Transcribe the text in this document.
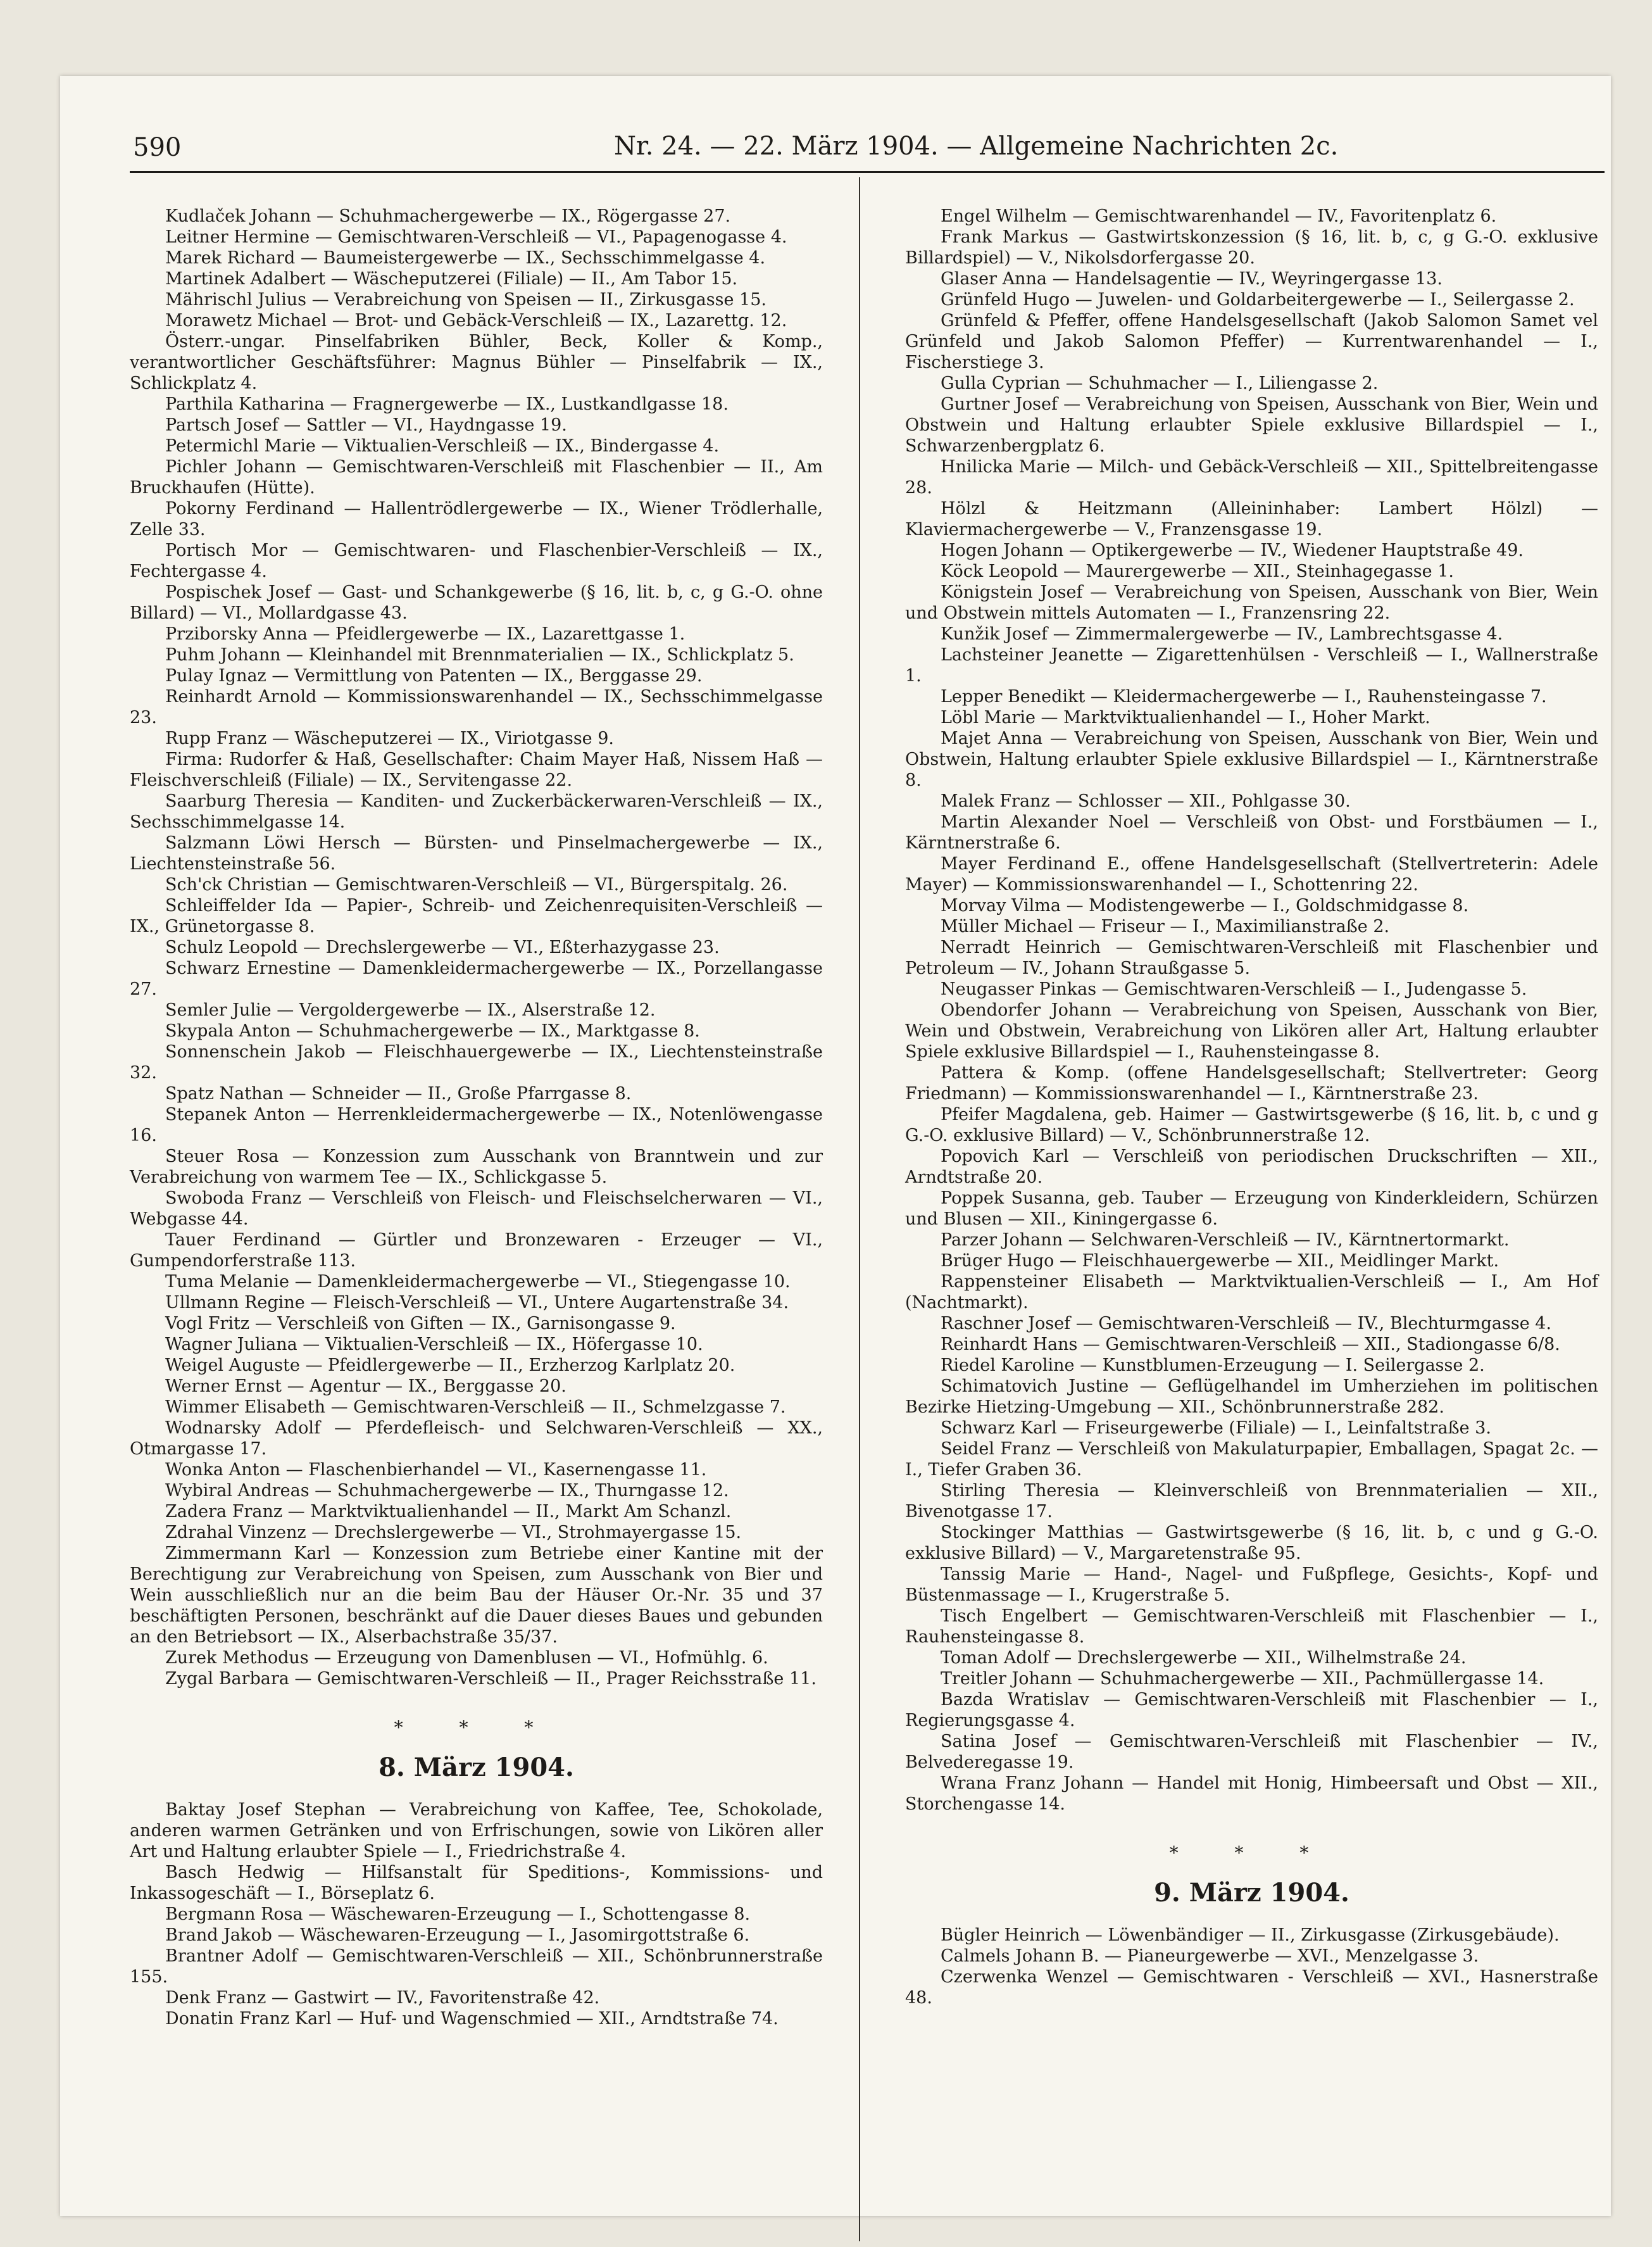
590	Nr. 24. — 22. März 1904. — Allgemeine Nachrichten 2c.

Kudlaček Johann — Schuhmachergewerbe — IX., Rögergasse 27.

Leitner Hermine — Gemischtwaren-Verschleiß — VI., Papagenogasse 4.

Marek Richard — Baumeistergewerbe — IX., Sechsschimmelgasse 4.

Martinek Adalbert — Wäscheputzerei (Filiale) — II., Am Tabor 15.

Mährischl Julius — Verabreichung von Speisen — II., Zirkusgasse 15.

Morawetz Michael — Brot- und Gebäck-Verschleiß — IX., Lazarettg. 12.

Österr.-ungar. Pinselfabriken Bühler, Beck, Koller & Komp., verantwortlicher Geschäftsführer: Magnus Bühler — Pinselfabrik — IX., Schlickplatz 4.

Parthila Katharina — Fragnergewerbe — IX., Lustkandlgasse 18.

Partsch Josef — Sattler — VI., Haydngasse 19.

Petermichl Marie — Viktualien-Verschleiß — IX., Bindergasse 4.

Pichler Johann — Gemischtwaren-Verschleiß mit Flaschenbier — II., Am Bruckhaufen (Hütte).

Pokorny Ferdinand — Hallentrödlergewerbe — IX., Wiener Trödlerhalle, Zelle 33.

Portisch Mor — Gemischtwaren- und Flaschenbier-Verschleiß — IX., Fechtergasse 4.

Pospischek Josef — Gast- und Schankgewerbe (§ 16, lit. b, c, g G.-O. ohne Billard) — VI., Mollardgasse 43.

Prziborsky Anna — Pfeidlergewerbe — IX., Lazarettgasse 1.

Puhm Johann — Kleinhandel mit Brennmaterialien — IX., Schlickplatz 5.

Pulay Ignaz — Vermittlung von Patenten — IX., Berggasse 29.

Reinhardt Arnold — Kommissionswarenhandel — IX., Sechsschimmelgasse 23.

Rupp Franz — Wäscheputzerei — IX., Viriotgasse 9.

Firma: Rudorfer & Haß, Gesellschafter: Chaim Mayer Haß, Nissem Haß — Fleischverschleiß (Filiale) — IX., Servitengasse 22.

Saarburg Theresia — Kanditen- und Zuckerbäckerwaren-Verschleiß — IX., Sechsschimmelgasse 14.

Salzmann Löwi Hersch — Bürsten- und Pinselmachergewerbe — IX., Liechtensteinstraße 56.

Sch'ck Christian — Gemischtwaren-Verschleiß — VI., Bürgerspitalg. 26.

Schleiffelder Ida — Papier-, Schreib- und Zeichenrequisiten-Verschleiß — IX., Grünetorgasse 8.

Schulz Leopold — Drechslergewerbe — VI., Eßterhazygasse 23.

Schwarz Ernestine — Damenkleidermachergewerbe — IX., Porzellangasse 27.

Semler Julie — Vergoldergewerbe — IX., Alserstraße 12.

Skypala Anton — Schuhmachergewerbe — IX., Marktgasse 8.

Sonnenschein Jakob — Fleischhauergewerbe — IX., Liechtensteinstraße 32.

Spatz Nathan — Schneider — II., Große Pfarrgasse 8.

Stepanek Anton — Herrenkleidermachergewerbe — IX., Notenlöwengasse 16.

Steuer Rosa — Konzession zum Ausschank von Branntwein und zur Verabreichung von warmem Tee — IX., Schlickgasse 5.

Swoboda Franz — Verschleiß von Fleisch- und Fleischselcherwaren — VI., Webgasse 44.

Tauer Ferdinand — Gürtler und Bronzewaren - Erzeuger — VI., Gumpendorferstraße 113.

Tuma Melanie — Damenkleidermachergewerbe — VI., Stiegengasse 10.

Ullmann Regine — Fleisch-Verschleiß — VI., Untere Augartenstraße 34.

Vogl Fritz — Verschleiß von Giften — IX., Garnisongasse 9.

Wagner Juliana — Viktualien-Verschleiß — IX., Höfergasse 10.

Weigel Auguste — Pfeidlergewerbe — II., Erzherzog Karlplatz 20.

Werner Ernst — Agentur — IX., Berggasse 20.

Wimmer Elisabeth — Gemischtwaren-Verschleiß — II., Schmelzgasse 7.

Wodnarsky Adolf — Pferdefleisch- und Selchwaren-Verschleiß — XX., Otmargasse 17.

Wonka Anton — Flaschenbierhandel — VI., Kasernengasse 11.

Wybiral Andreas — Schuhmachergewerbe — IX., Thurngasse 12.

Zadera Franz — Marktviktualienhandel — II., Markt Am Schanzl.

Zdrahal Vinzenz — Drechslergewerbe — VI., Strohmayergasse 15.

Zimmermann Karl — Konzession zum Betriebe einer Kantine mit der Berechtigung zur Verabreichung von Speisen, zum Ausschank von Bier und Wein ausschließlich nur an die beim Bau der Häuser Or.-Nr. 35 und 37 beschäftigten Personen, beschränkt auf die Dauer dieses Baues und gebunden an den Betriebsort — IX., Alserbachstraße 35/37.

Zurek Methodus — Erzeugung von Damenblusen — VI., Hofmühlg. 6.

Zygal Barbara — Gemischtwaren-Verschleiß — II., Prager Reichsstraße 11.

* * *
8. März 1904.

Baktay Josef Stephan — Verabreichung von Kaffee, Tee, Schokolade, anderen warmen Getränken und von Erfrischungen, sowie von Likören aller Art und Haltung erlaubter Spiele — I., Friedrichstraße 4.

Basch Hedwig — Hilfsanstalt für Speditions-, Kommissions- und Inkassogeschäft — I., Börseplatz 6.

Bergmann Rosa — Wäschewaren-Erzeugung — I., Schottengasse 8.

Brand Jakob — Wäschewaren-Erzeugung — I., Jasomirgottstraße 6.

Brantner Adolf — Gemischtwaren-Verschleiß — XII., Schönbrunnerstraße 155.

Denk Franz — Gastwirt — IV., Favoritenstraße 42.

Donatin Franz Karl — Huf- und Wagenschmied — XII., Arndtstraße 74.

Engel Wilhelm — Gemischtwarenhandel — IV., Favoritenplatz 6.

Frank Markus — Gastwirtskonzession (§ 16, lit. b, c, g G.-O. exklusive Billardspiel) — V., Nikolsdorfergasse 20.

Glaser Anna — Handelsagentie — IV., Weyringergasse 13.

Grünfeld Hugo — Juwelen- und Goldarbeitergewerbe — I., Seilergasse 2.

Grünfeld & Pfeffer, offene Handelsgesellschaft (Jakob Salomon Samet vel Grünfeld und Jakob Salomon Pfeffer) — Kurrentwarenhandel — I., Fischerstiege 3.

Gulla Cyprian — Schuhmacher — I., Liliengasse 2.

Gurtner Josef — Verabreichung von Speisen, Ausschank von Bier, Wein und Obstwein und Haltung erlaubter Spiele exklusive Billardspiel — I., Schwarzenbergplatz 6.

Hnilicka Marie — Milch- und Gebäck-Verschleiß — XII., Spittelbreitengasse 28.

Hölzl & Heitzmann (Alleininhaber: Lambert Hölzl) — Klaviermachergewerbe — V., Franzensgasse 19.

Hogen Johann — Optikergewerbe — IV., Wiedener Hauptstraße 49.

Köck Leopold — Maurergewerbe — XII., Steinhagegasse 1.

Königstein Josef — Verabreichung von Speisen, Ausschank von Bier, Wein und Obstwein mittels Automaten — I., Franzensring 22.

Kunžik Josef — Zimmermalergewerbe — IV., Lambrechtsgasse 4.

Lachsteiner Jeanette — Zigarettenhülsen - Verschleiß — I., Wallnerstraße 1.

Lepper Benedikt — Kleidermachergewerbe — I., Rauhensteingasse 7.

Löbl Marie — Marktviktualienhandel — I., Hoher Markt.

Majet Anna — Verabreichung von Speisen, Ausschank von Bier, Wein und Obstwein, Haltung erlaubter Spiele exklusive Billardspiel — I., Kärntnerstraße 8.

Malek Franz — Schlosser — XII., Pohlgasse 30.

Martin Alexander Noel — Verschleiß von Obst- und Forstbäumen — I., Kärntnerstraße 6.

Mayer Ferdinand E., offene Handelsgesellschaft (Stellvertreterin: Adele Mayer) — Kommissionswarenhandel — I., Schottenring 22.

Morvay Vilma — Modistengewerbe — I., Goldschmidgasse 8.

Müller Michael — Friseur — I., Maximilianstraße 2.

Nerradt Heinrich — Gemischtwaren-Verschleiß mit Flaschenbier und Petroleum — IV., Johann Straußgasse 5.

Neugasser Pinkas — Gemischtwaren-Verschleiß — I., Judengasse 5.

Obendorfer Johann — Verabreichung von Speisen, Ausschank von Bier, Wein und Obstwein, Verabreichung von Likören aller Art, Haltung erlaubter Spiele exklusive Billardspiel — I., Rauhensteingasse 8.

Pattera & Komp. (offene Handelsgesellschaft; Stellvertreter: Georg Friedmann) — Kommissionswarenhandel — I., Kärntnerstraße 23.

Pfeifer Magdalena, geb. Haimer — Gastwirtsgewerbe (§ 16, lit. b, c und g G.-O. exklusive Billard) — V., Schönbrunnerstraße 12.

Popovich Karl — Verschleiß von periodischen Druckschriften — XII., Arndtstraße 20.

Poppek Susanna, geb. Tauber — Erzeugung von Kinderkleidern, Schürzen und Blusen — XII., Kiningergasse 6.

Parzer Johann — Selchwaren-Verschleiß — IV., Kärntnertormarkt.

Brüger Hugo — Fleischhauergewerbe — XII., Meidlinger Markt.

Rappensteiner Elisabeth — Marktviktualien-Verschleiß — I., Am Hof (Nachtmarkt).

Raschner Josef — Gemischtwaren-Verschleiß — IV., Blechturmgasse 4.

Reinhardt Hans — Gemischtwaren-Verschleiß — XII., Stadiongasse 6/8.

Riedel Karoline — Kunstblumen-Erzeugung — I. Seilergasse 2.

Schimatovich Justine — Geflügelhandel im Umherziehen im politischen Bezirke Hietzing-Umgebung — XII., Schönbrunnerstraße 282.

Schwarz Karl — Friseurgewerbe (Filiale) — I., Leinfaltstraße 3.

Seidel Franz — Verschleiß von Makulaturpapier, Emballagen, Spagat 2c. — I., Tiefer Graben 36.

Stirling Theresia — Kleinverschleiß von Brennmaterialien — XII., Bivenotgasse 17.

Stockinger Matthias — Gastwirtsgewerbe (§ 16, lit. b, c und g G.-O. exklusive Billard) — V., Margaretenstraße 95.

Tanssig Marie — Hand-, Nagel- und Fußpflege, Gesichts-, Kopf- und Büstenmassage — I., Krugerstraße 5.

Tisch Engelbert — Gemischtwaren-Verschleiß mit Flaschenbier — I., Rauhensteingasse 8.

Toman Adolf — Drechslergewerbe — XII., Wilhelmstraße 24.

Treitler Johann — Schuhmachergewerbe — XII., Pachmüllergasse 14.

Bazda Wratislav — Gemischtwaren-Verschleiß mit Flaschenbier — I., Regierungsgasse 4.

Satina Josef — Gemischtwaren-Verschleiß mit Flaschenbier — IV., Belvederegasse 19.

Wrana Franz Johann — Handel mit Honig, Himbeersaft und Obst — XII., Storchengasse 14.

* * *
9. März 1904.

Bügler Heinrich — Löwenbändiger — II., Zirkusgasse (Zirkusgebäude).

Calmels Johann B. — Pianeurgewerbe — XVI., Menzelgasse 3.

Czerwenka Wenzel — Gemischtwaren - Verschleiß — XVI., Hasnerstraße 48.
